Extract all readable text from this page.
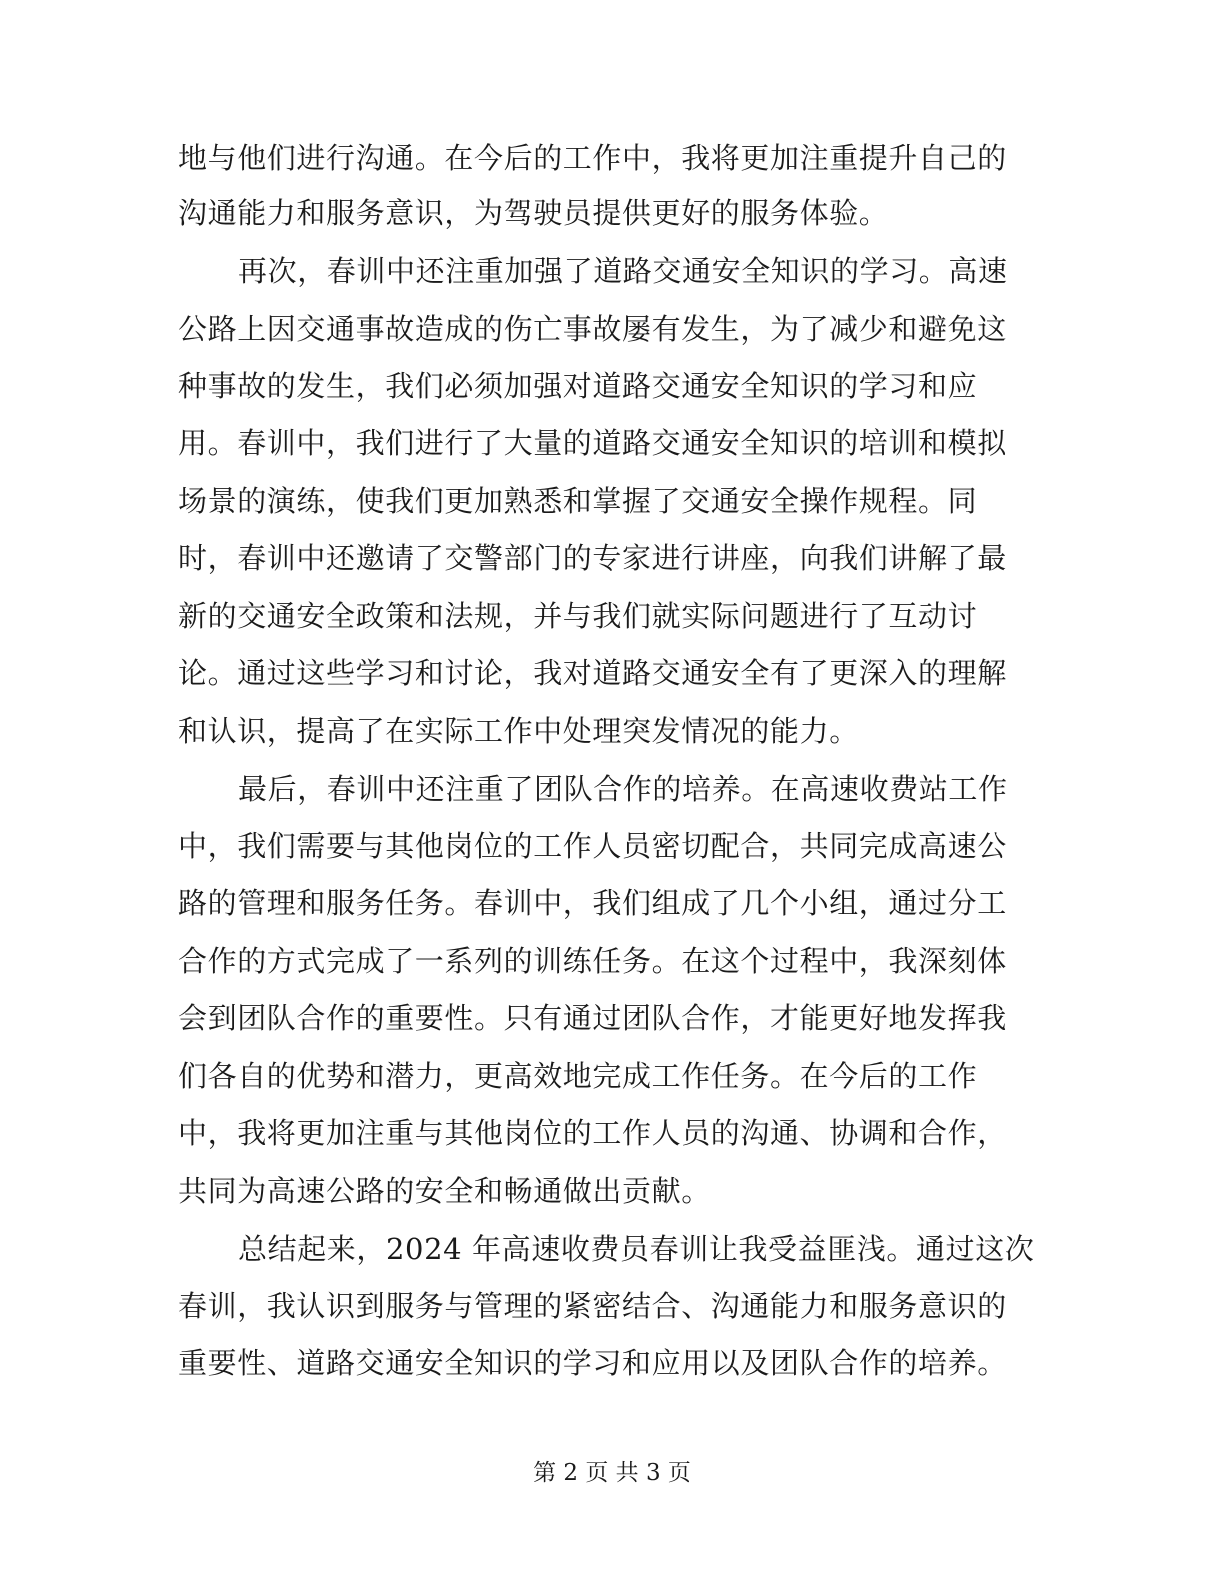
地与他们进行沟通。在今后的工作中，我将更加注重提升自己的
沟通能力和服务意识，为驾驶员提供更好的服务体验。
再次，春训中还注重加强了道路交通安全知识的学习。高速
公路上因交通事故造成的伤亡事故屡有发生，为了减少和避免这
种事故的发生，我们必须加强对道路交通安全知识的学习和应
用。春训中，我们进行了大量的道路交通安全知识的培训和模拟
场景的演练，使我们更加熟悉和掌握了交通安全操作规程。同
时，春训中还邀请了交警部门的专家进行讲座，向我们讲解了最
新的交通安全政策和法规，并与我们就实际问题进行了互动讨
论。通过这些学习和讨论，我对道路交通安全有了更深入的理解
和认识，提高了在实际工作中处理突发情况的能力。
最后，春训中还注重了团队合作的培养。在高速收费站工作
中，我们需要与其他岗位的工作人员密切配合，共同完成高速公
路的管理和服务任务。春训中，我们组成了几个小组，通过分工
合作的方式完成了一系列的训练任务。在这个过程中，我深刻体
会到团队合作的重要性。只有通过团队合作，才能更好地发挥我
们各自的优势和潜力，更高效地完成工作任务。在今后的工作
中，我将更加注重与其他岗位的工作人员的沟通、协调和合作，
共同为高速公路的安全和畅通做出贡献。
总结起来，2024 年高速收费员春训让我受益匪浅。通过这次
春训，我认识到服务与管理的紧密结合、沟通能力和服务意识的
重要性、道路交通安全知识的学习和应用以及团队合作的培养。
第 2 页 共 3 页
